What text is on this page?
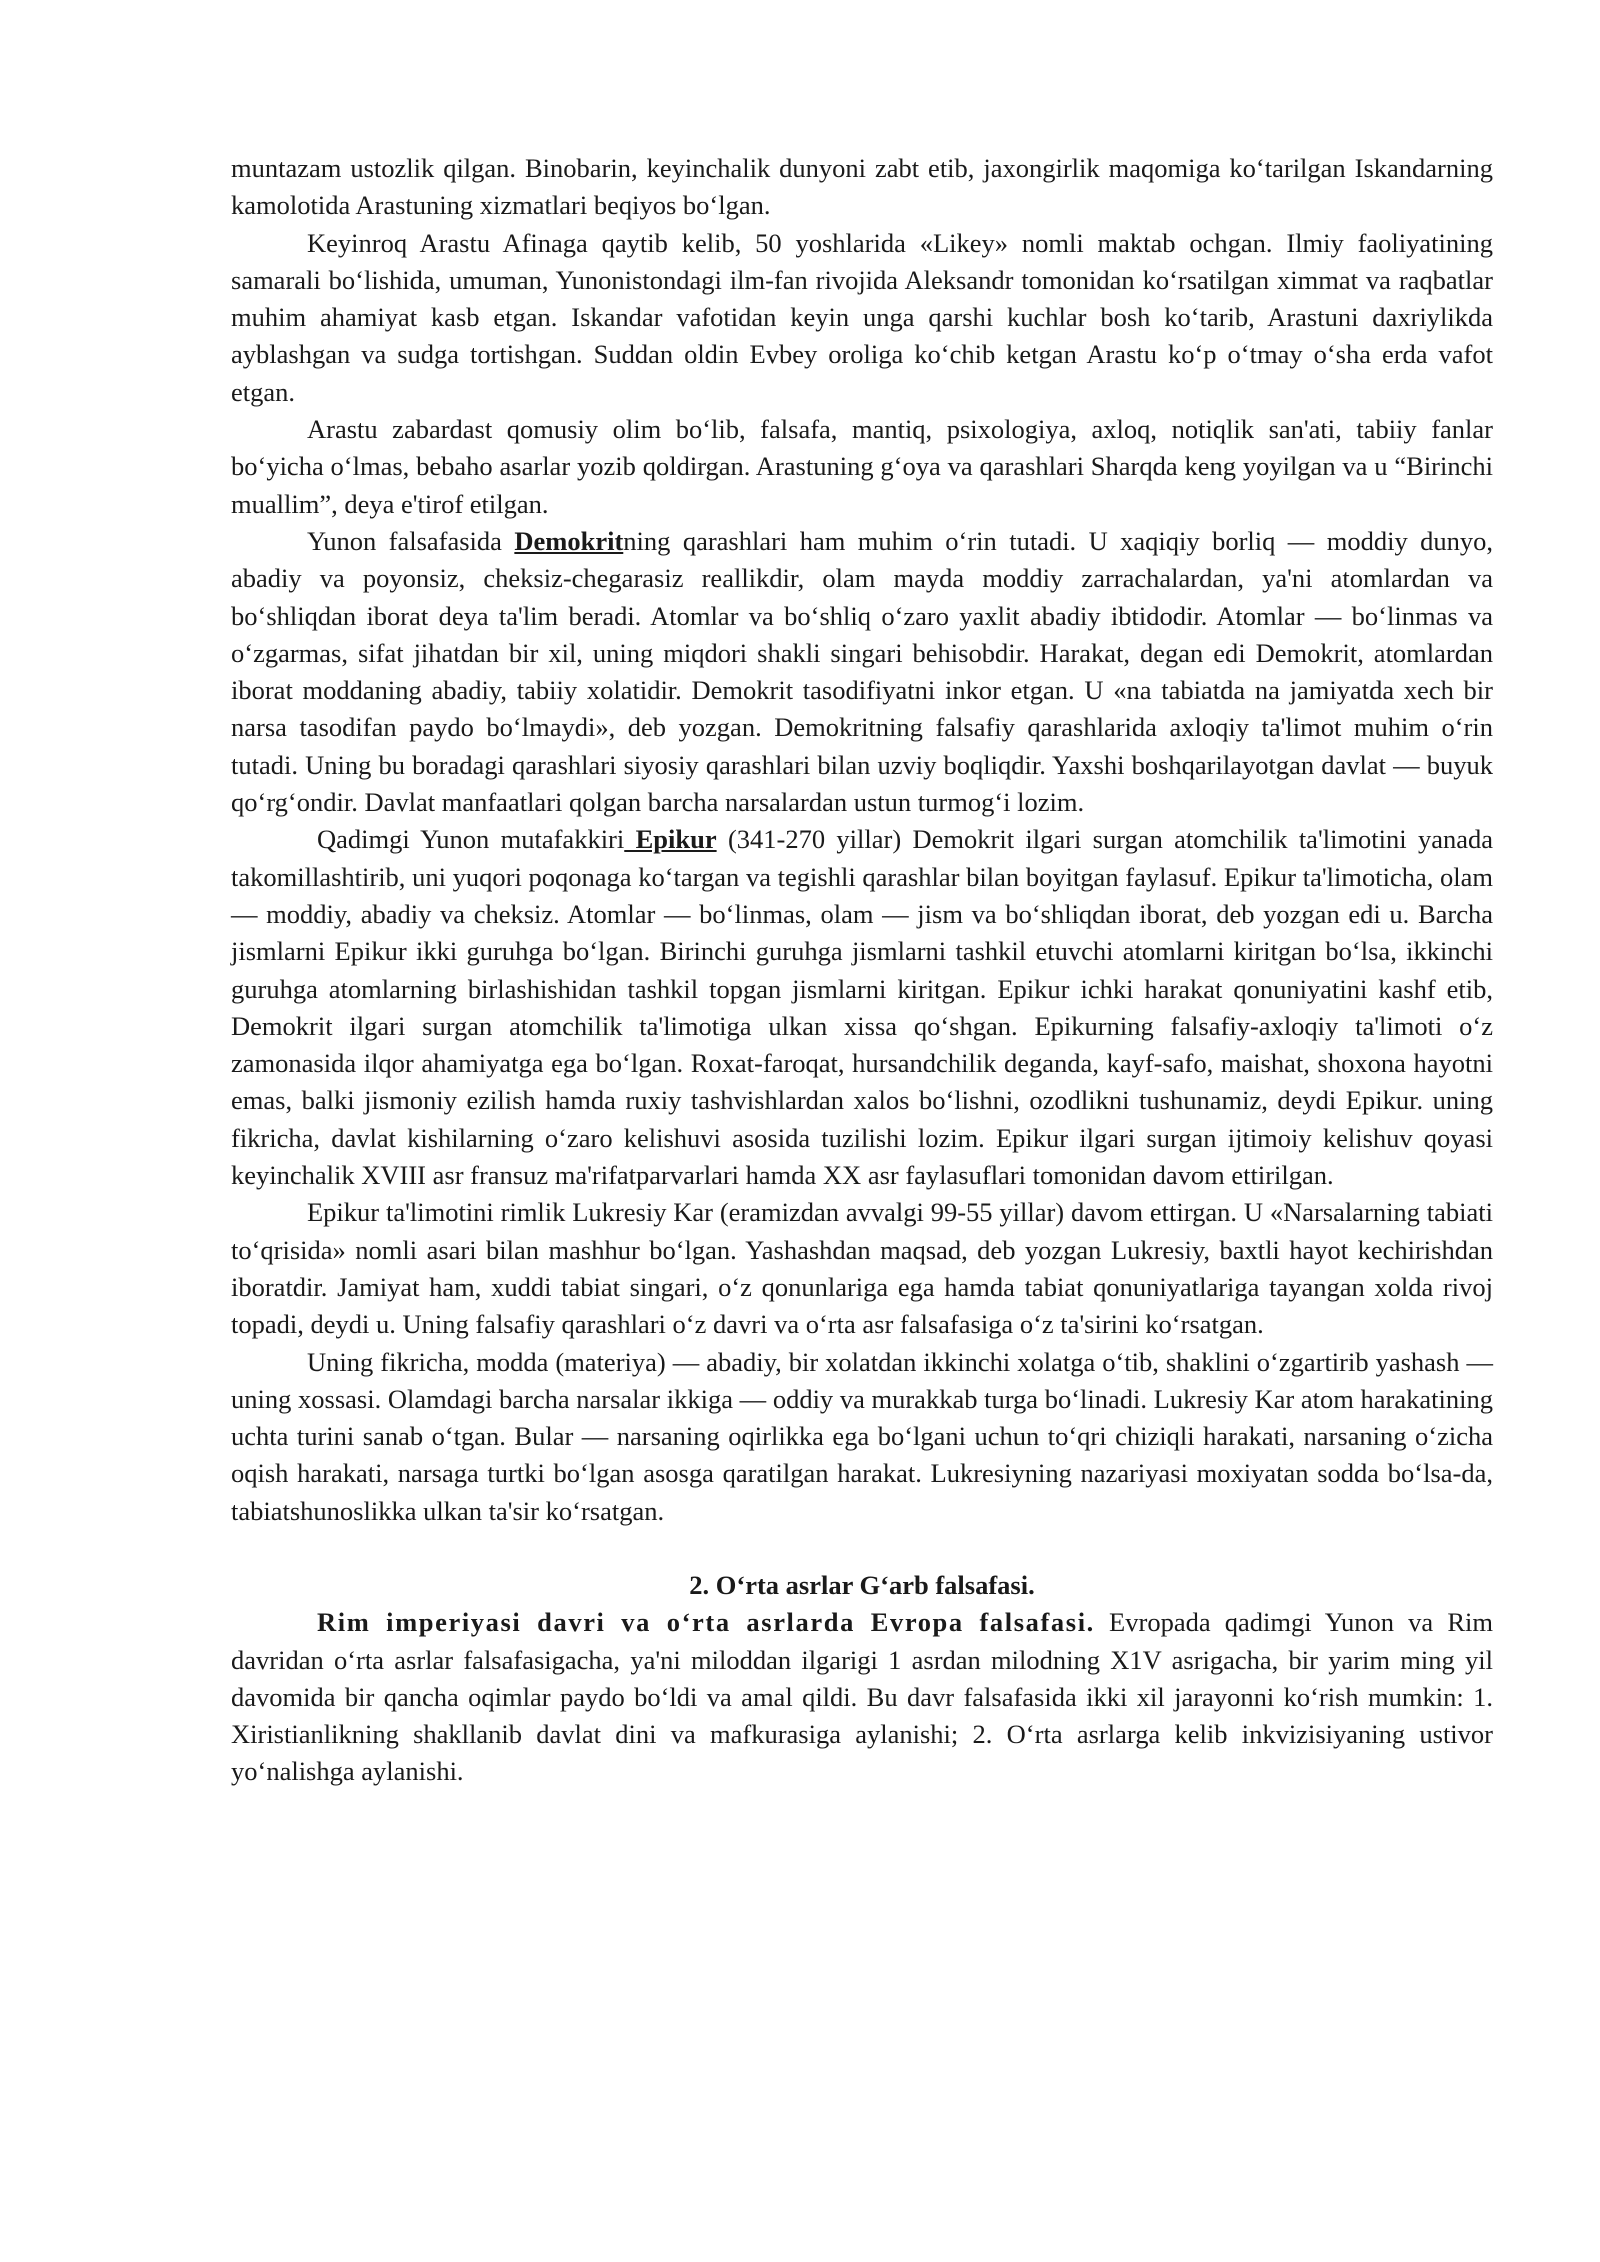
muntazam ustozlik qilgan. Binobarin, keyinchalik dunyoni zabt etib, jaxongirlik maqomiga ko‘tarilgan Iskandarning kamolotida Arastuning xizmatlari beqiyos bo‘lgan.

Keyinroq Arastu Afinaga qaytib kelib, 50 yoshlarida «Likey» nomli maktab ochgan. Ilmiy faoliyatining samarali bo‘lishida, umuman, Yunonistondagi ilm-fan rivojida Aleksandr tomonidan ko‘rsatilgan ximmat va raqbatlar muhim ahamiyat kasb etgan. Iskandar vafotidan keyin unga qarshi kuchlar bosh ko‘tarib, Arastuni daxriylikda ayblashgan va sudga tortishgan. Suddan oldin Evbey oroliga ko‘chib ketgan Arastu ko‘p o‘tmay o‘sha erda vafot etgan.

Arastu zabardast qomusiy olim bo‘lib, falsafa, mantiq, psixologiya, axloq, notiqlik san'ati, tabiiy fanlar bo‘yicha o‘lmas, bebaho asarlar yozib qoldirgan. Arastuning g‘oya va qarashlari Sharqda keng yoyilgan va u “Birinchi muallim”, deya e'tirof etilgan.

Yunon falsafasida Demokritning qarashlari ham muhim o‘rin tutadi. U xaqiqiy borliq — moddiy dunyo, abadiy va poyonsiz, cheksiz-chegarasiz reallikdir, olam mayda moddiy zarrachalardan, ya'ni atomlardan va bo‘shliqdan iborat deya ta'lim beradi. Atomlar va bo‘shliq o‘zaro yaxlit abadiy ibtidodir. Atomlar — bo‘linmas va o‘zgarmas, sifat jihatdan bir xil, uning miqdori shakli singari behisobdir. Harakat, degan edi Demokrit, atomlardan iborat moddaning abadiy, tabiiy xolatidir. Demokrit tasodifiyatni inkor etgan. U «na tabiatda na jamiyatda xech bir narsa tasodifan paydo bo‘lmaydi», deb yozgan. Demokritning falsafiy qarashlarida axloqiy ta'limot muhim o‘rin tutadi. Uning bu boradagi qarashlari siyosiy qarashlari bilan uzviy boqliqdir. Yaxshi boshqarilayotgan davlat — buyuk qo‘rg‘ondir. Davlat manfaatlari qolgan barcha narsalardan ustun turmog‘i lozim.

Qadimgi Yunon mutafakkiri Epikur (341-270 yillar) Demokrit ilgari surgan atomchilik ta'limotini yanada takomillashtirib, uni yuqori poqonaga ko‘targan va tegishli qarashlar bilan boyitgan faylasuf. Epikur ta'limoticha, olam — moddiy, abadiy va cheksiz. Atomlar — bo‘linmas, olam — jism va bo‘shliqdan iborat, deb yozgan edi u. Barcha jismlarni Epikur ikki guruhga bo‘lgan. Birinchi guruhga jismlarni tashkil etuvchi atomlarni kiritgan bo‘lsa, ikkinchi guruhga atomlarning birlashishidan tashkil topgan jismlarni kiritgan. Epikur ichki harakat qonuniyatini kashf etib, Demokrit ilgari surgan atomchilik ta'limotiga ulkan xissa qo‘shgan. Epikurning falsafiy-axloqiy ta'limoti o‘z zamonasida ilqor ahamiyatga ega bo‘lgan. Roxat-faroqat, hursandchilik deganda, kayf-safo, maishat, shoxona hayotni emas, balki jismoniy ezilish hamda ruxiy tashvishlardan xalos bo‘lishni, ozodlikni tushunamiz, deydi Epikur. uning fikricha, davlat kishilarning o‘zaro kelishuvi asosida tuzilishi lozim. Epikur ilgari surgan ijtimoiy kelishuv qoyasi keyinchalik XVIII asr fransuz ma'rifatparvarlari hamda XX asr faylasuflari tomonidan davom ettirilgan.

Epikur ta'limotini rimlik Lukresiy Kar (eramizdan avvalgi 99-55 yillar) davom ettirgan. U «Narsalarning tabiati to‘qrisida» nomli asari bilan mashhur bo‘lgan. Yashashdan maqsad, deb yozgan Lukresiy, baxtli hayot kechirishdan iboratdir. Jamiyat ham, xuddi tabiat singari, o‘z qonunlariga ega hamda tabiat qonuniyatlariga tayangan xolda rivoj topadi, deydi u. Uning falsafiy qarashlari o‘z davri va o‘rta asr falsafasiga o‘z ta'sirini ko‘rsatgan.

Uning fikricha, modda (materiya) — abadiy, bir xolatdan ikkinchi xolatga o‘tib, shaklini o‘zgartirib yashash — uning xossasi. Olamdagi barcha narsalar ikkiga — oddiy va murakkab turga bo‘linadi. Lukresiy Kar atom harakatining uchta turini sanab o‘tgan. Bular — narsaning oqirlikka ega bo‘lgani uchun to‘qri chiziqli harakati, narsaning o‘zicha oqish harakati, narsaga turtki bo‘lgan asosga qaratilgan harakat. Lukresiyning nazariyasi moxiyatan sodda bo‘lsa-da, tabiatshunoslikka ulkan ta'sir ko‘rsatgan.

2. O‘rta asrlar G‘arb falsafasi.

Rim imperiyasi davri va o‘rta asrlarda Evropa falsafasi. Evropada qadimgi Yunon va Rim davridan o‘rta asrlar falsafasigacha, ya'ni miloddan ilgarigi 1 asrdan milodning X1V asrigacha, bir yarim ming yil davomida bir qancha oqimlar paydo bo‘ldi va amal qildi. Bu davr falsafasida ikki xil jarayonni ko‘rish mumkin: 1. Xiristianlikning shakllanib davlat dini va mafkurasiga aylanishi; 2. O‘rta asrlarga kelib inkvizisiyaning ustivor yo‘nalishga aylanishi.
